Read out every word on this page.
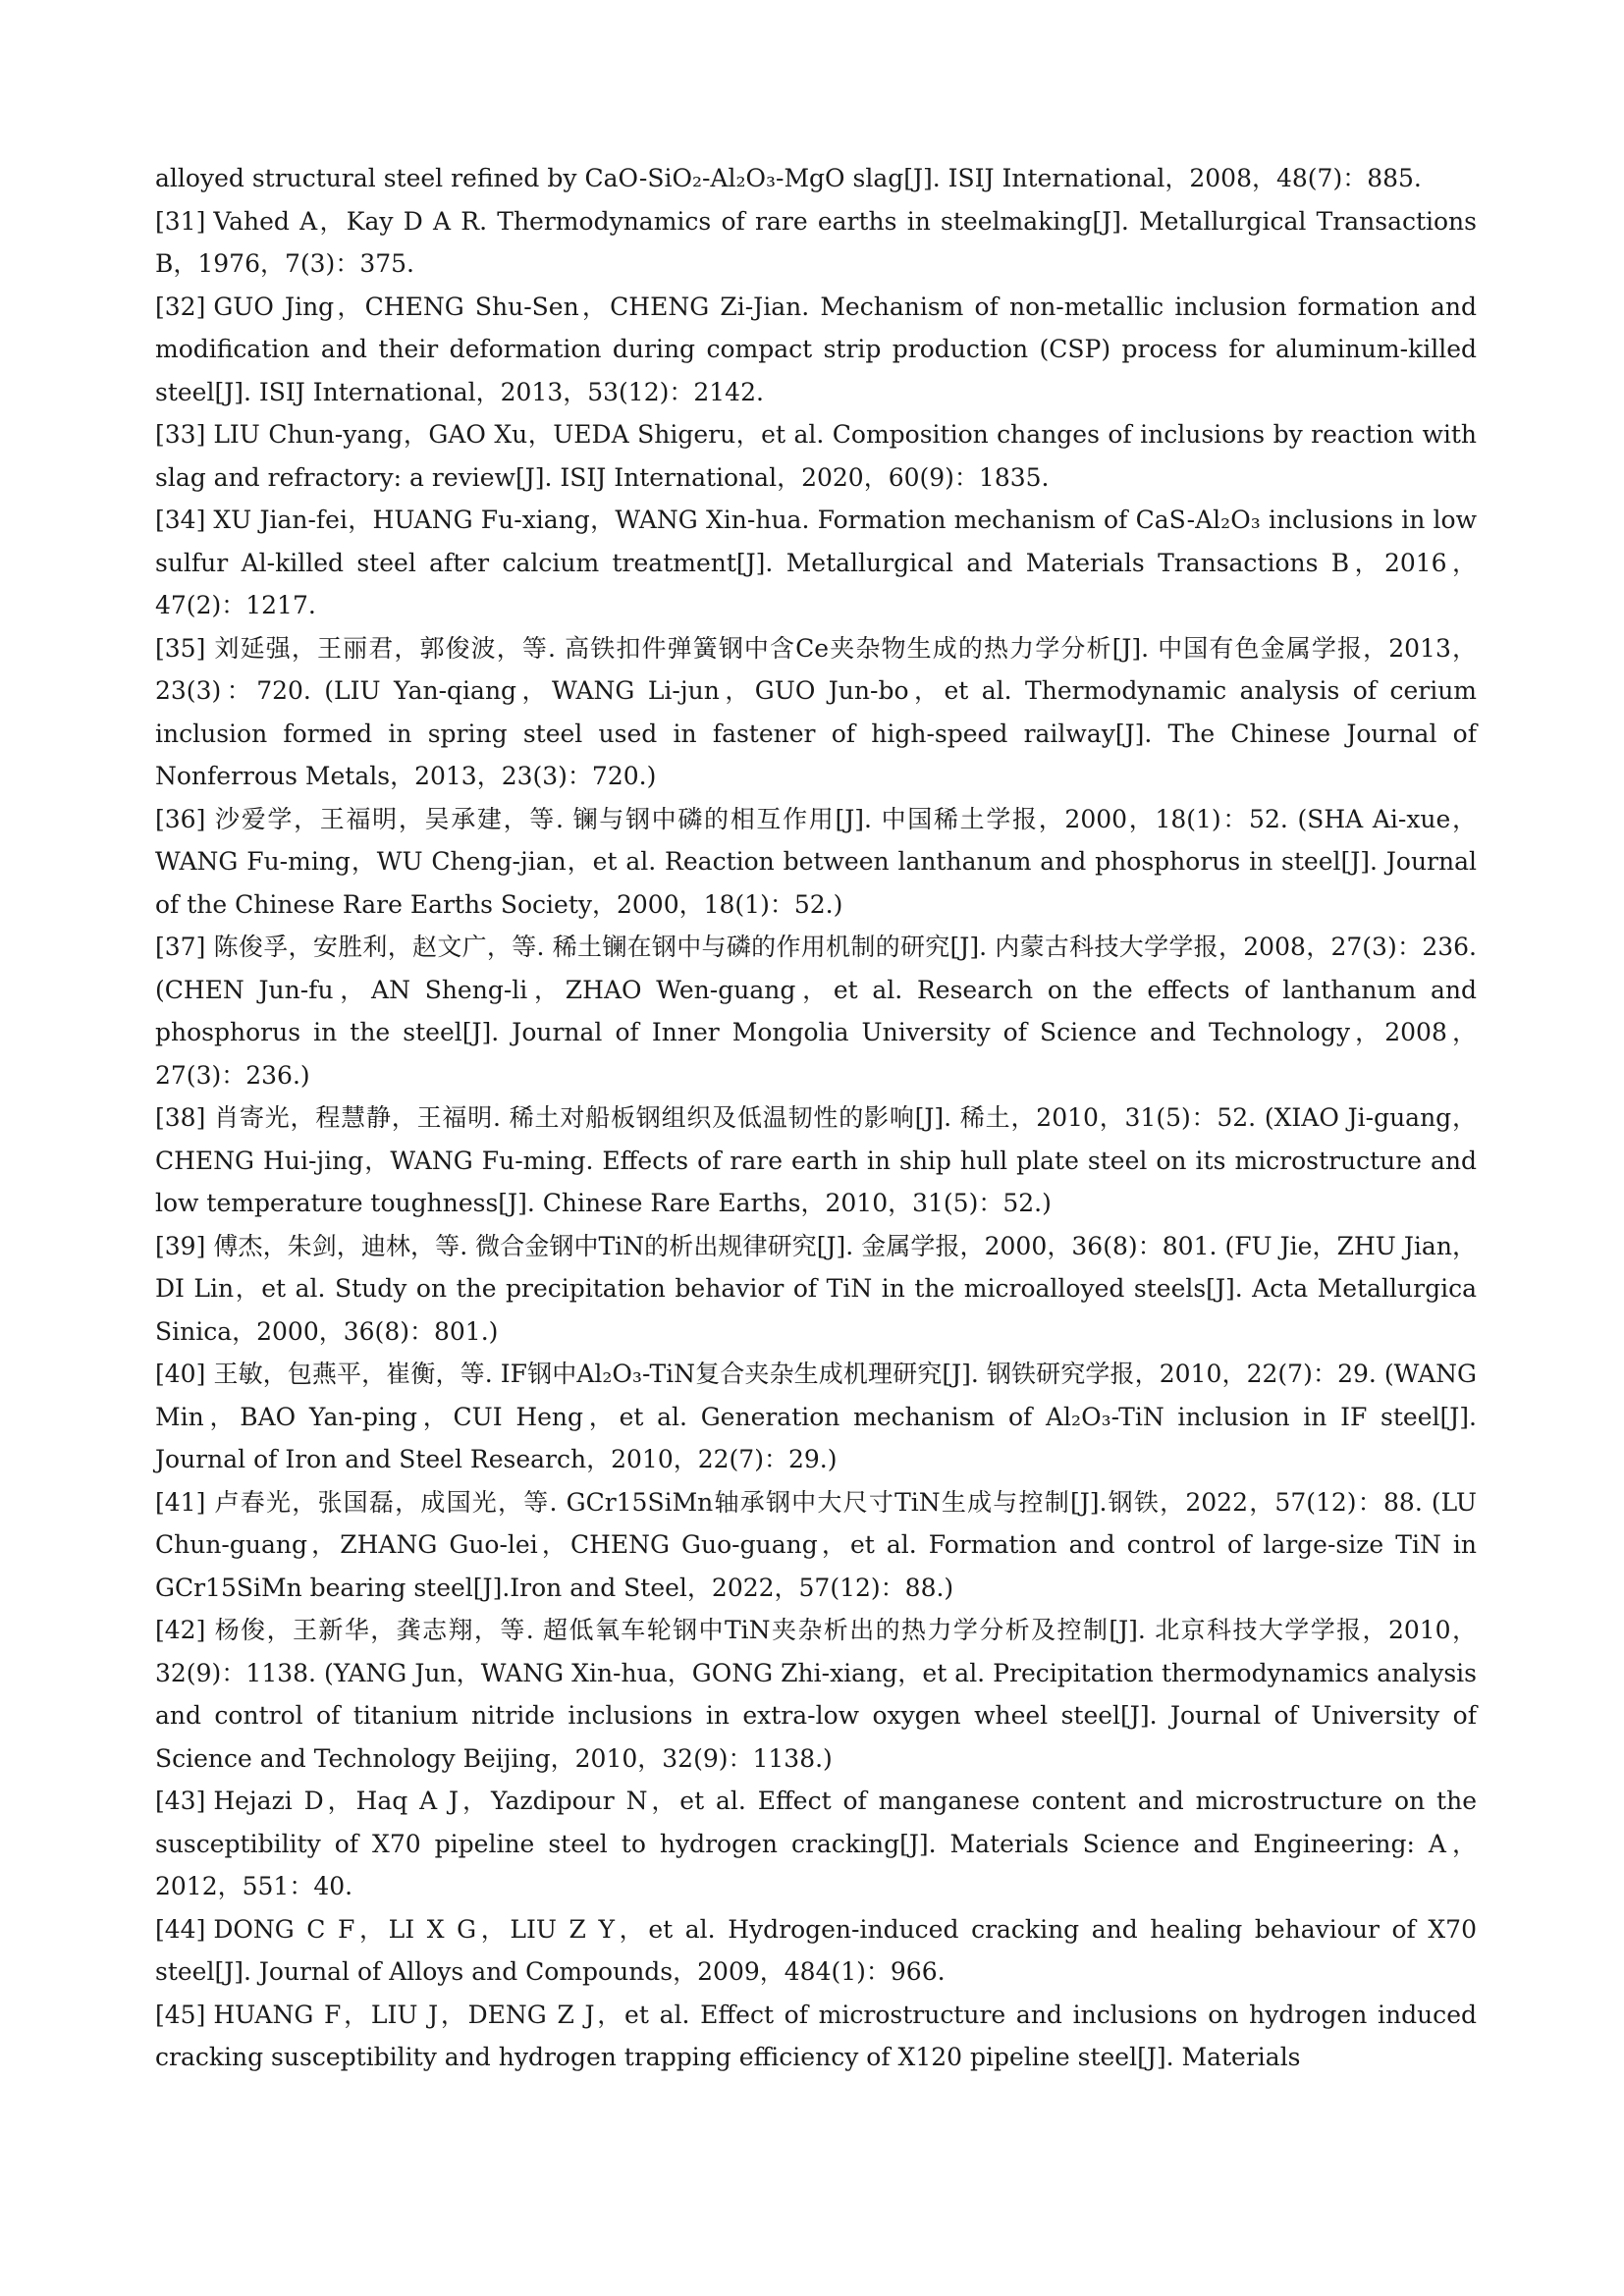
alloyed structural steel refined by CaO-SiO₂-Al₂O₃-MgO slag[J]. ISIJ International，2008，48(7)：885.

[31] Vahed A，Kay D A R. Thermodynamics of rare earths in steelmaking[J]. Metallurgical Transactions B，1976，7(3)：375.

[32] GUO Jing，CHENG Shu-Sen，CHENG Zi-Jian. Mechanism of non-metallic inclusion formation and modification and their deformation during compact strip production (CSP) process for aluminum-killed steel[J]. ISIJ International，2013，53(12)：2142.

[33] LIU Chun-yang，GAO Xu，UEDA Shigeru，et al. Composition changes of inclusions by reaction with slag and refractory: a review[J]. ISIJ International，2020，60(9)：1835.

[34] XU Jian-fei，HUANG Fu-xiang，WANG Xin-hua. Formation mechanism of CaS-Al₂O₃ inclusions in low sulfur Al-killed steel after calcium treatment[J]. Metallurgical and Materials Transactions B，2016，47(2)：1217.

[35] 刘延强，王丽君，郭俊波，等. 高铁扣件弹簧钢中含Ce夹杂物生成的热力学分析[J]. 中国有色金属学报，2013，23(3)：720. (LIU Yan-qiang，WANG Li-jun，GUO Jun-bo，et al. Thermodynamic analysis of cerium inclusion formed in spring steel used in fastener of high-speed railway[J]. The Chinese Journal of Nonferrous Metals，2013，23(3)：720.)

[36] 沙爱学，王福明，吴承建，等. 镧与钢中磷的相互作用[J]. 中国稀土学报，2000，18(1)：52. (SHA Ai-xue，WANG Fu-ming，WU Cheng-jian，et al. Reaction between lanthanum and phosphorus in steel[J]. Journal of the Chinese Rare Earths Society，2000，18(1)：52.)

[37] 陈俊孚，安胜利，赵文广，等. 稀土镧在钢中与磷的作用机制的研究[J]. 内蒙古科技大学学报，2008，27(3)：236. (CHEN Jun-fu，AN Sheng-li，ZHAO Wen-guang，et al. Research on the effects of lanthanum and phosphorus in the steel[J]. Journal of Inner Mongolia University of Science and Technology，2008，27(3)：236.)

[38] 肖寄光，程慧静，王福明. 稀土对船板钢组织及低温韧性的影响[J]. 稀土，2010，31(5)：52. (XIAO Ji-guang，CHENG Hui-jing，WANG Fu-ming. Effects of rare earth in ship hull plate steel on its microstructure and low temperature toughness[J]. Chinese Rare Earths，2010，31(5)：52.)

[39] 傅杰，朱剑，迪林，等. 微合金钢中TiN的析出规律研究[J]. 金属学报，2000，36(8)：801. (FU Jie，ZHU Jian，DI Lin，et al. Study on the precipitation behavior of TiN in the microalloyed steels[J]. Acta Metallurgica Sinica，2000，36(8)：801.)

[40] 王敏，包燕平，崔衡，等. IF钢中Al₂O₃-TiN复合夹杂生成机理研究[J]. 钢铁研究学报，2010，22(7)：29. (WANG Min，BAO Yan-ping，CUI Heng，et al. Generation mechanism of Al₂O₃-TiN inclusion in IF steel[J]. Journal of Iron and Steel Research，2010，22(7)：29.)

[41] 卢春光，张国磊，成国光，等. GCr15SiMn轴承钢中大尺寸TiN生成与控制[J].钢铁，2022，57(12)：88. (LU Chun-guang，ZHANG Guo-lei，CHENG Guo-guang，et al. Formation and control of large-size TiN in GCr15SiMn bearing steel[J].Iron and Steel，2022，57(12)：88.)

[42] 杨俊，王新华，龚志翔，等. 超低氧车轮钢中TiN夹杂析出的热力学分析及控制[J]. 北京科技大学学报，2010，32(9)：1138. (YANG Jun，WANG Xin-hua，GONG Zhi-xiang，et al. Precipitation thermodynamics analysis and control of titanium nitride inclusions in extra-low oxygen wheel steel[J]. Journal of University of Science and Technology Beijing，2010，32(9)：1138.)

[43] Hejazi D，Haq A J，Yazdipour N，et al. Effect of manganese content and microstructure on the susceptibility of X70 pipeline steel to hydrogen cracking[J]. Materials Science and Engineering: A，2012，551：40.

[44] DONG C F，LI X G，LIU Z Y，et al. Hydrogen-induced cracking and healing behaviour of X70 steel[J]. Journal of Alloys and Compounds，2009，484(1)：966.

[45] HUANG F，LIU J，DENG Z J，et al. Effect of microstructure and inclusions on hydrogen induced cracking susceptibility and hydrogen trapping efficiency of X120 pipeline steel[J]. Materials
